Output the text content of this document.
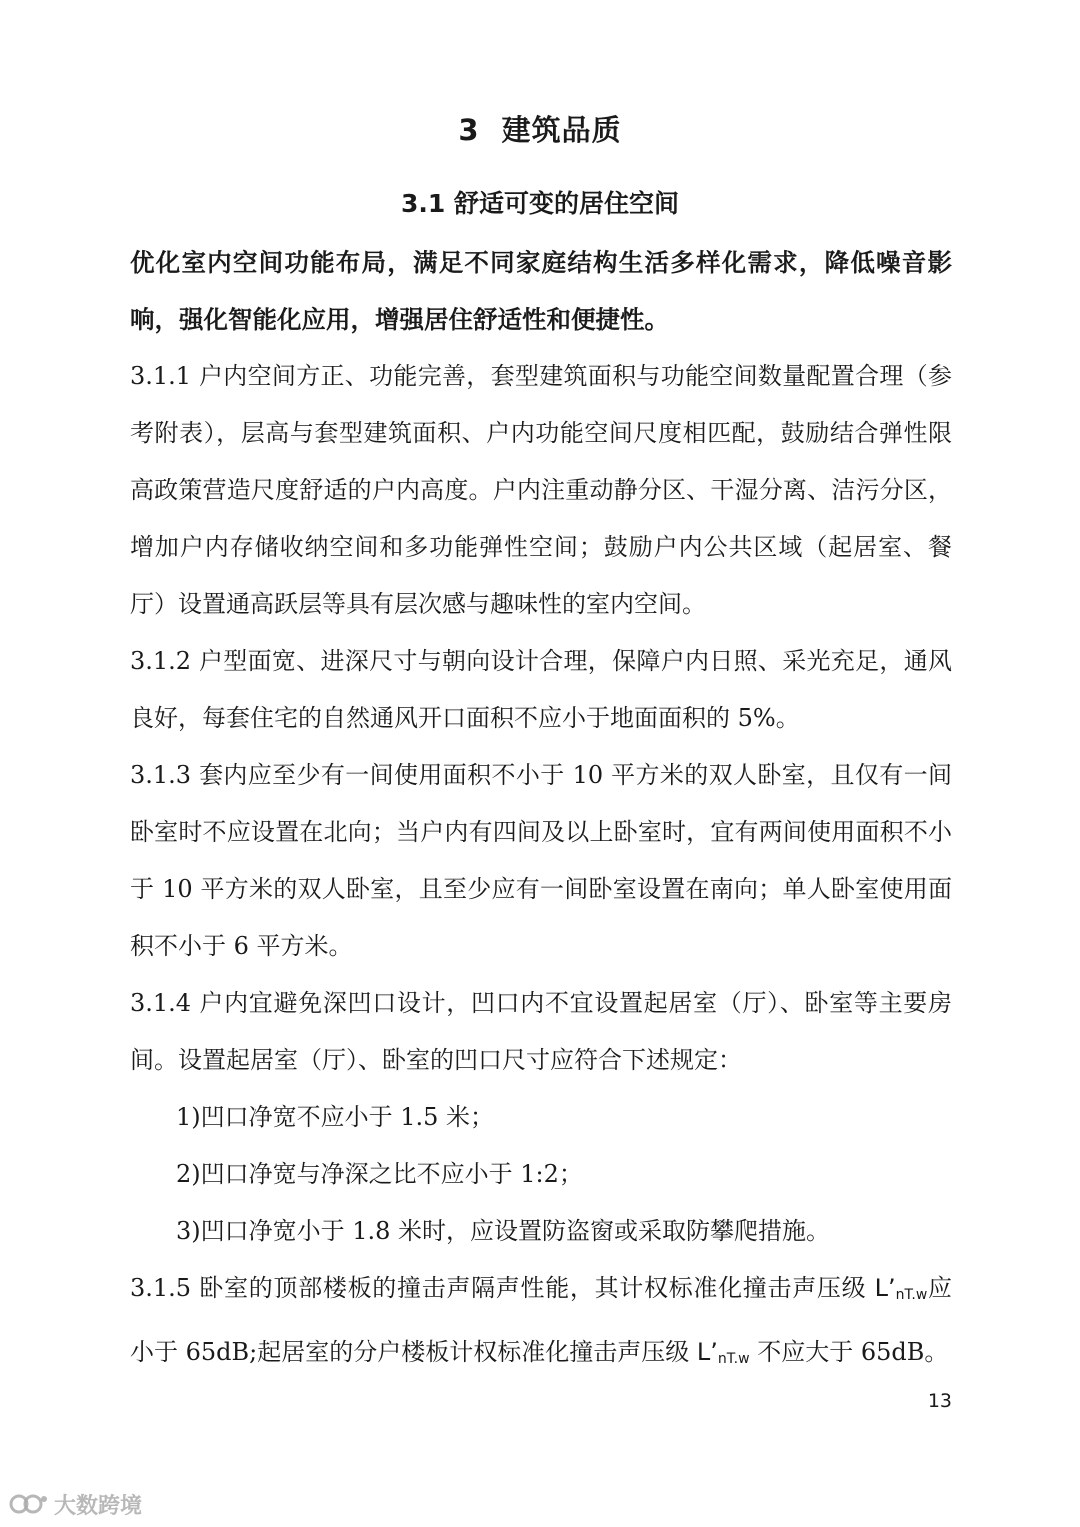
3 建筑品质
3.1 舒适可变的居住空间
优化室内空间功能布局，满足不同家庭结构生活多样化需求，降低噪音影响，强化智能化应用，增强居住舒适性和便捷性。

3.1.1 户内空间方正、功能完善，套型建筑面积与功能空间数量配置合理（参考附表），层高与套型建筑面积、户内功能空间尺度相匹配，鼓励结合弹性限高政策营造尺度舒适的户内高度。户内注重动静分区、干湿分离、洁污分区，增加户内存储收纳空间和多功能弹性空间；鼓励户内公共区域（起居室、餐厅）设置通高跃层等具有层次感与趣味性的室内空间。

3.1.2 户型面宽、进深尺寸与朝向设计合理，保障户内日照、采光充足，通风良好，每套住宅的自然通风开口面积不应小于地面面积的 5%。

3.1.3 套内应至少有一间使用面积不小于 10 平方米的双人卧室，且仅有一间卧室时不应设置在北向；当户内有四间及以上卧室时，宜有两间使用面积不小于 10 平方米的双人卧室，且至少应有一间卧室设置在南向；单人卧室使用面积不小于 6 平方米。

3.1.4 户内宜避免深凹口设计，凹口内不宜设置起居室（厅）、卧室等主要房间。设置起居室（厅）、卧室的凹口尺寸应符合下述规定：

1)凹口净宽不应小于 1.5 米；

2)凹口净宽与净深之比不应小于 1:2；

3)凹口净宽小于 1.8 米时，应设置防盗窗或采取防攀爬措施。

3.1.5 卧室的顶部楼板的撞击声隔声性能，其计权标准化撞击声压级 $L’_{nT.w}$应小于 65dB;起居室的分户楼板计权标准化撞击声压级 $L’_{nT.w}$ 不应大于 65dB。

13
大数跨境
